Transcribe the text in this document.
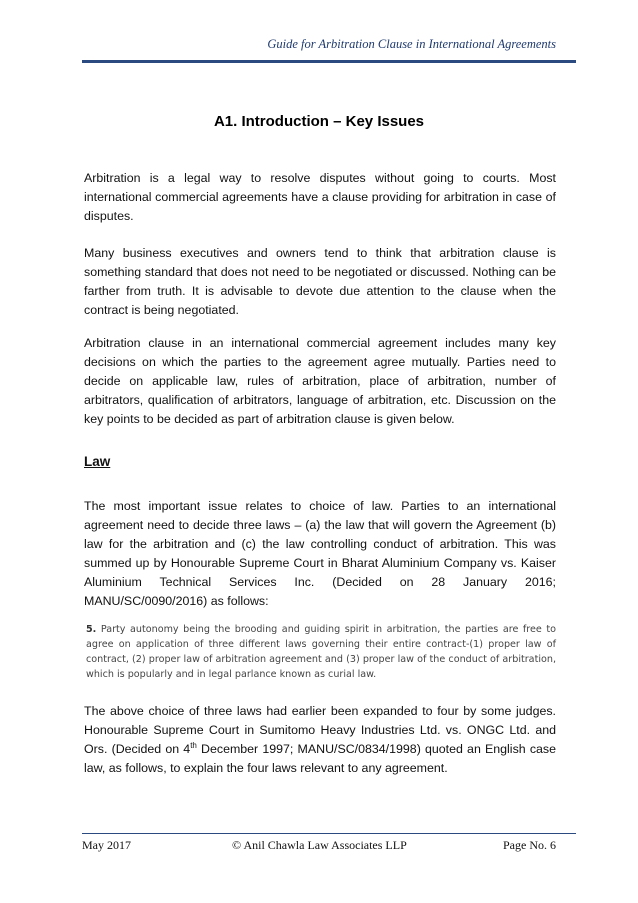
Guide for Arbitration Clause in International Agreements
A1. Introduction – Key Issues

Arbitration is a legal way to resolve disputes without going to courts. Most international commercial agreements have a clause providing for arbitration in case of disputes.

Many business executives and owners tend to think that arbitration clause is something standard that does not need to be negotiated or discussed. Nothing can be farther from truth. It is advisable to devote due attention to the clause when the contract is being negotiated.

Arbitration clause in an international commercial agreement includes many key decisions on which the parties to the agreement agree mutually. Parties need to decide on applicable law, rules of arbitration, place of arbitration, number of arbitrators, qualification of arbitrators, language of arbitration, etc. Discussion on the key points to be decided as part of arbitration clause is given below.

Law

The most important issue relates to choice of law. Parties to an international agreement need to decide three laws – (a) the law that will govern the Agreement (b) law for the arbitration and (c) the law controlling conduct of arbitration. This was summed up by Honourable Supreme Court in Bharat Aluminium Company vs. Kaiser Aluminium Technical Services Inc. (Decided on 28 January 2016; MANU/SC/0090/2016) as follows:

5. Party autonomy being the brooding and guiding spirit in arbitration, the parties are free to agree on application of three different laws governing their entire contract-(1) proper law of contract, (2) proper law of arbitration agreement and (3) proper law of the conduct of arbitration, which is popularly and in legal parlance known as curial law.

The above choice of three laws had earlier been expanded to four by some judges. Honourable Supreme Court in Sumitomo Heavy Industries Ltd. vs. ONGC Ltd. and Ors. (Decided on 4th December 1997; MANU/SC/0834/1998) quoted an English case law, as follows, to explain the four laws relevant to any agreement.

May 2017	© Anil Chawla Law Associates LLP	Page No. 6
